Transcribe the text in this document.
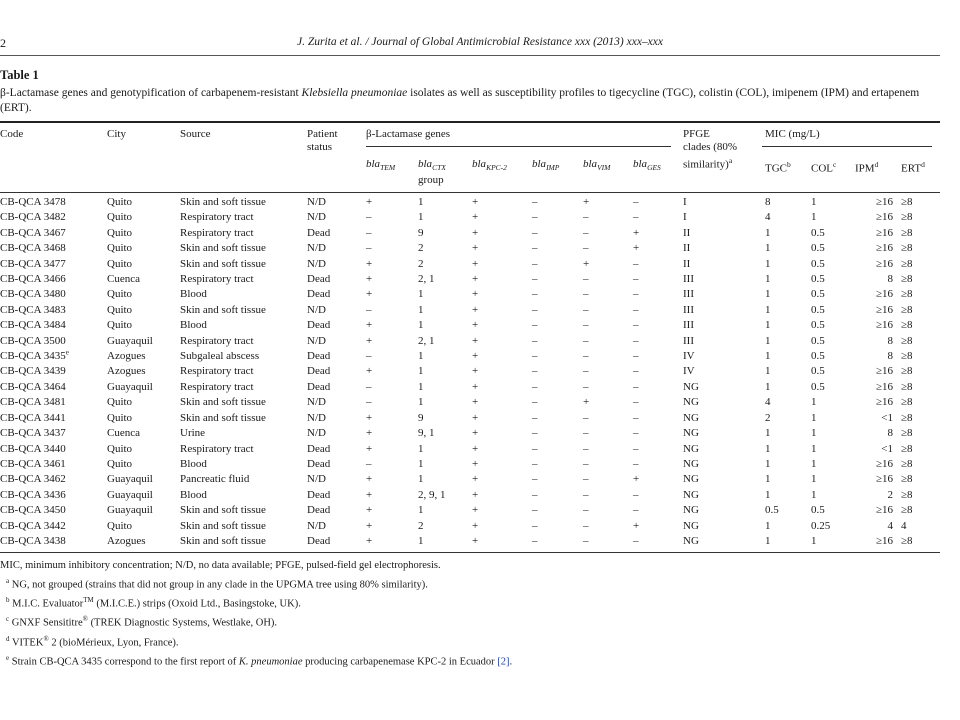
2	J. Zurita et al. / Journal of Global Antimicrobial Resistance xxx (2013) xxx–xxx
Table 1
β-Lactamase genes and genotypification of carbapenem-resistant Klebsiella pneumoniae isolates as well as susceptibility profiles to tigecycline (TGC), colistin (COL), imipenem (IPM) and ertapenem (ERT).
Code	City	Source	Patient
status
β-Lactamase genes
bla$_{TEM}$ bla$_{CTX}$
group
bla$_{KPC-2}$ bla$_{IMP}$ bla$_{VIM}$ bla$_{GES}$
PFGE
clades (80%
similarity)$^a$
MIC (mg/L)
TGC$^b$ COL$^c$ IPM$^d$ ERT$^d$
CB-QCA 3478	Quito	Skin and soft tissue	N/D	+	1	+	–	+	–	I	8	1	≥16		≥8
CB-QCA 3482	Quito	Respiratory tract	N/D	–	1	+	–	–	–	I	4	1	≥16		≥8
CB-QCA 3467	Quito	Respiratory tract	Dead	–	9	+	–	–	+	II	1	0.5	≥16		≥8
CB-QCA 3468	Quito	Skin and soft tissue	N/D	–	2	+	–	–	+	II	1	0.5	≥16		≥8
CB-QCA 3477	Quito	Skin and soft tissue	N/D	+	2	+	–	+	–	II	1	0.5	≥16		≥8
CB-QCA 3466	Cuenca	Respiratory tract	Dead	+	2, 1	+	–	–	–	III	1	0.5	8		≥8
CB-QCA 3480	Quito	Blood	Dead	+	1	+	–	–	–	III	1	0.5	≥16		≥8
CB-QCA 3483	Quito	Skin and soft tissue	N/D	–	1	+	–	–	–	III	1	0.5	≥16		≥8
CB-QCA 3484	Quito	Blood	Dead	+	1	+	–	–	–	III	1	0.5	≥16		≥8
CB-QCA 3500	Guayaquil	Respiratory tract	N/D	+	2, 1	+	–	–	–	III	1	0.5	8		≥8
CB-QCA 3435e	Azogues	Subgaleal abscess	Dead	–	1	+	–	–	–	IV	1	0.5	8		≥8
CB-QCA 3439	Azogues	Respiratory tract	Dead	+	1	+	–	–	–	IV	1	0.5	≥16		≥8
CB-QCA 3464	Guayaquil	Respiratory tract	Dead	–	1	+	–	–	–	NG	1	0.5	≥16		≥8
CB-QCA 3481	Quito	Skin and soft tissue	N/D	–	1	+	–	+	–	NG	4	1	≥16		≥8
CB-QCA 3441	Quito	Skin and soft tissue	N/D	+	9	+	–	–	–	NG	2	1	<1		≥8
CB-QCA 3437	Cuenca	Urine	N/D	+	9, 1	+	–	–	–	NG	1	1	8		≥8
CB-QCA 3440	Quito	Respiratory tract	Dead	+	1	+	–	–	–	NG	1	1	<1		≥8
CB-QCA 3461	Quito	Blood	Dead	–	1	+	–	–	–	NG	1	1	≥16		≥8
CB-QCA 3462	Guayaquil	Pancreatic fluid	N/D	+	1	+	–	–	+	NG	1	1	≥16		≥8
CB-QCA 3436	Guayaquil	Blood	Dead	+	2, 9, 1	+	–	–	–	NG	1	1	2		≥8
CB-QCA 3450	Guayaquil	Skin and soft tissue	Dead	+	1	+	–	–	–	NG	0.5	0.5	≥16		≥8
CB-QCA 3442	Quito	Skin and soft tissue	N/D	+	2	+	–	–	+	NG	1	0.25	4		4
CB-QCA 3438	Azogues	Skin and soft tissue	Dead	+	1	+	–	–	–	NG	1	1	≥16		≥8
MIC, minimum inhibitory concentration; N/D, no data available; PFGE, pulsed-field gel electrophoresis.
$^a$ NG, not grouped (strains that did not group in any clade in the UPGMA tree using 80% similarity).
$^b$ M.I.C. Evaluator™ (M.I.C.E.) strips (Oxoid Ltd., Basingstoke, UK).
$^c$ GNXF Sensititre® (TREK Diagnostic Systems, Westlake, OH).
$^d$ VITEK® 2 (bioMérieux, Lyon, France).
$^e$ Strain CB-QCA 3435 correspond to the first report of K. pneumoniae producing carbapenemase KPC-2 in Ecuador [2].
